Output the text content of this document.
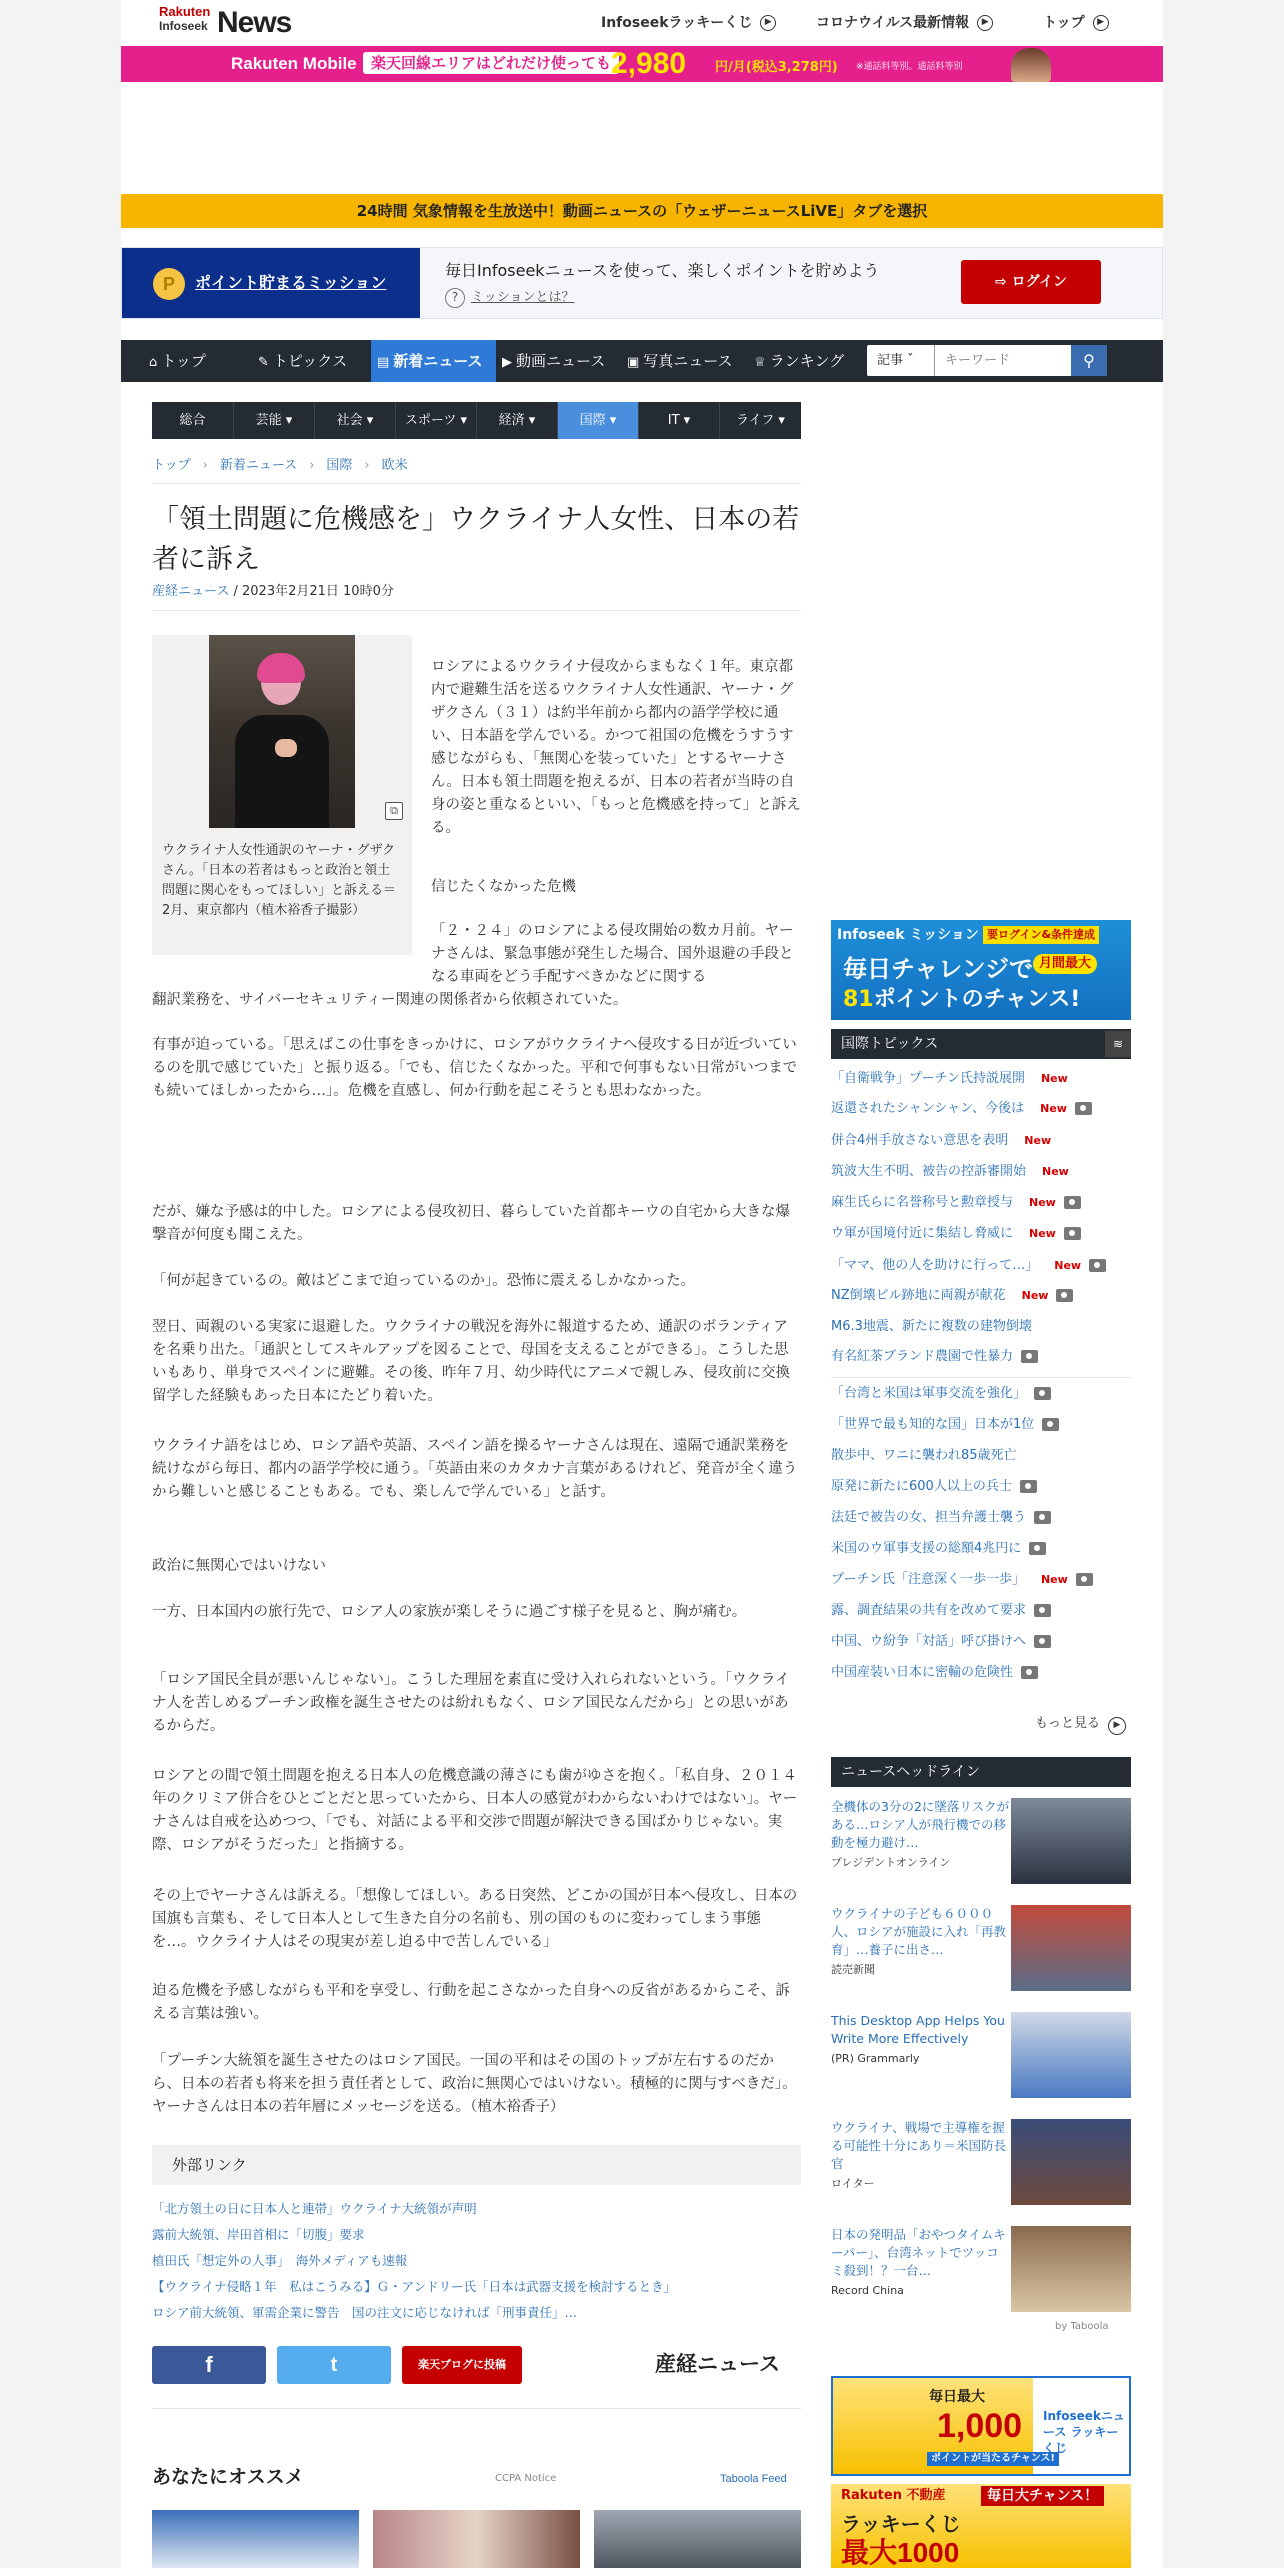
Rakuten
Infoseek News	Infoseekラッキーくじ ▶	コロナウイルス最新情報 ▶	トップ ▶
Rakuten Mobile 楽天回線エリアはどれだけ使っても 2,980 円/月(税込3,278円) ※通話料等別。通話料等別
24時間 気象情報を生放送中！動画ニュースの「ウェザーニュースLiVE」タブを選択
P	ポイント貯まるミッション
毎日Infoseekニュースを使って、楽しくポイントを貯めよう
? ミッションとは？
⇨ ログイン
⌂ トップ	✎ トピックス	▤ 新着ニュース	▶ 動画ニュース	▣ 写真ニュース	♕ ランキング	記事 ˇ
キーワード	⚲
総合	芸能 ▾	社会 ▾	スポーツ ▾	経済 ▾	国際 ▾	IT ▾	ライフ ▾
トップ › 新着ニュース › 国際 › 欧米
「領土問題に危機感を」ウクライナ人女性、日本の若者に訴え
産経ニュース / 2023年2月21日 10時0分
⧉
ウクライナ人女性通訳のヤーナ・グザクさん。「日本の若者はもっと政治と領土問題に関心をもってほしい」と訴える＝2月、東京都内（植木裕香子撮影）

ロシアによるウクライナ侵攻からまもなく１年。東京都内で避難生活を送るウクライナ人女性通訳、ヤーナ・グザクさん（３１）は約半年前から都内の語学学校に通い、日本語を学んでいる。かつて祖国の危機をうすうす感じながらも、「無関心を装っていた」とするヤーナさん。日本も領土問題を抱えるが、日本の若者が当時の自身の姿と重なるといい、「もっと危機感を持って」と訴える。

信じたくなかった危機

「２・２４」のロシアによる侵攻開始の数カ月前。ヤーナさんは、緊急事態が発生した場合、国外退避の手段となる車両をどう手配すべきかなどに関する

翻訳業務を、サイバーセキュリティー関連の関係者から依頼されていた。

有事が迫っている。「思えばこの仕事をきっかけに、ロシアがウクライナへ侵攻する日が近づいているのを肌で感じていた」と振り返る。「でも、信じたくなかった。平和で何事もない日常がいつまでも続いてほしかったから…」。危機を直感し、何か行動を起こそうとも思わなかった。

だが、嫌な予感は的中した。ロシアによる侵攻初日、暮らしていた首都キーウの自宅から大きな爆撃音が何度も聞こえた。

「何が起きているの。敵はどこまで迫っているのか」。恐怖に震えるしかなかった。

翌日、両親のいる実家に退避した。ウクライナの戦況を海外に報道するため、通訳のボランティアを名乗り出た。「通訳としてスキルアップを図ることで、母国を支えることができる」。こうした思いもあり、単身でスペインに避難。その後、昨年７月、幼少時代にアニメで親しみ、侵攻前に交換留学した経験もあった日本にたどり着いた。

ウクライナ語をはじめ、ロシア語や英語、スペイン語を操るヤーナさんは現在、遠隔で通訳業務を続けながら毎日、都内の語学学校に通う。「英語由来のカタカナ言葉があるけれど、発音が全く違うから難しいと感じることもある。でも、楽しんで学んでいる」と話す。

政治に無関心ではいけない

一方、日本国内の旅行先で、ロシア人の家族が楽しそうに過ごす様子を見ると、胸が痛む。

「ロシア国民全員が悪いんじゃない」。こうした理屈を素直に受け入れられないという。「ウクライナ人を苦しめるプーチン政権を誕生させたのは紛れもなく、ロシア国民なんだから」との思いがあるからだ。

ロシアとの間で領土問題を抱える日本人の危機意識の薄さにも歯がゆさを抱く。「私自身、２０１４年のクリミア併合をひとごとだと思っていたから、日本人の感覚がわからないわけではない」。ヤーナさんは自戒を込めつつ、「でも、対話による平和交渉で問題が解決できる国ばかりじゃない。実際、ロシアがそうだった」と指摘する。

その上でヤーナさんは訴える。「想像してほしい。ある日突然、どこかの国が日本へ侵攻し、日本の国旗も言葉も、そして日本人として生きた自分の名前も、別の国のものに変わってしまう事態を…。ウクライナ人はその現実が差し迫る中で苦しんでいる」

迫る危機を予感しながらも平和を享受し、行動を起こさなかった自身への反省があるからこそ、訴える言葉は強い。

「プーチン大統領を誕生させたのはロシア国民。一国の平和はその国のトップが左右するのだから、日本の若者も将来を担う責任者として、政治に無関心ではいけない。積極的に関与すべきだ」。ヤーナさんは日本の若年層にメッセージを送る。（植木裕香子）

外部リンク
「北方領土の日に日本人と連帯」ウクライナ大統領が声明
露前大統領、岸田首相に「切腹」要求
植田氏「想定外の人事」　海外メディアも速報
【ウクライナ侵略１年　私はこうみる】Ｇ・アンドリー氏「日本は武器支援を検討するとき」
ロシア前大統領、軍需企業に警告　国の注文に応じなければ「刑事責任」…
f	t	楽天ブログに投稿	産経ニュース
あなたにオススメ	CCPA Notice	Taboola Feed
Infoseek ミッション 要ログイン&条件達成
毎日チャレンジで
81ポイントのチャンス!
月間最大
国際トピックス	≋
もっと見る ▶
ニュースヘッドライン
全機体の3分の2に墜落リスクがある…ロシア人が飛行機での移動を極力避け…
プレジデントオンライン
ウクライナの子ども６０００人、ロシアが施設に入れ「再教育」…養子に出さ…
読売新聞
This Desktop App Helps You Write More Effectively
(PR) Grammarly
ウクライナ、戦場で主導権を握る可能性十分にあり＝米国防長官
ロイター
日本の発明品「おやつタイムキーパー」、台湾ネットでツッコミ殺到！？一台…
Record China
by Taboola
毎日最大
1,000
ポイントが当たるチャンス!
Infoseekニュース ラッキーくじ
Rakuten 不動産	毎日大チャンス！
ラッキーくじ
最大1000
「自衛戦争」プーチン氏持説展開 New
返還されたシャンシャン、今後は New
併合4州手放さない意思を表明 New
筑波大生不明、被告の控訴審開始 New
麻生氏らに名誉称号と勲章授与 New
ウ軍が国境付近に集結し脅威に New
「ママ、他の人を助けに行って…」 New
NZ倒壊ビル跡地に両親が献花 New
M6.3地震、新たに複数の建物倒壊
有名紅茶ブランド農園で性暴力
「台湾と米国は軍事交流を強化」
「世界で最も知的な国」日本が1位
散歩中、ワニに襲われ85歳死亡
原発に新たに600人以上の兵士
法廷で被告の女、担当弁護士襲う
米国のウ軍事支援の総額4兆円に
プーチン氏「注意深く一歩一歩」 New
露、調査結果の共有を改めて要求
中国、ウ紛争「対話」呼び掛けへ
中国産装い日本に密輸の危険性
